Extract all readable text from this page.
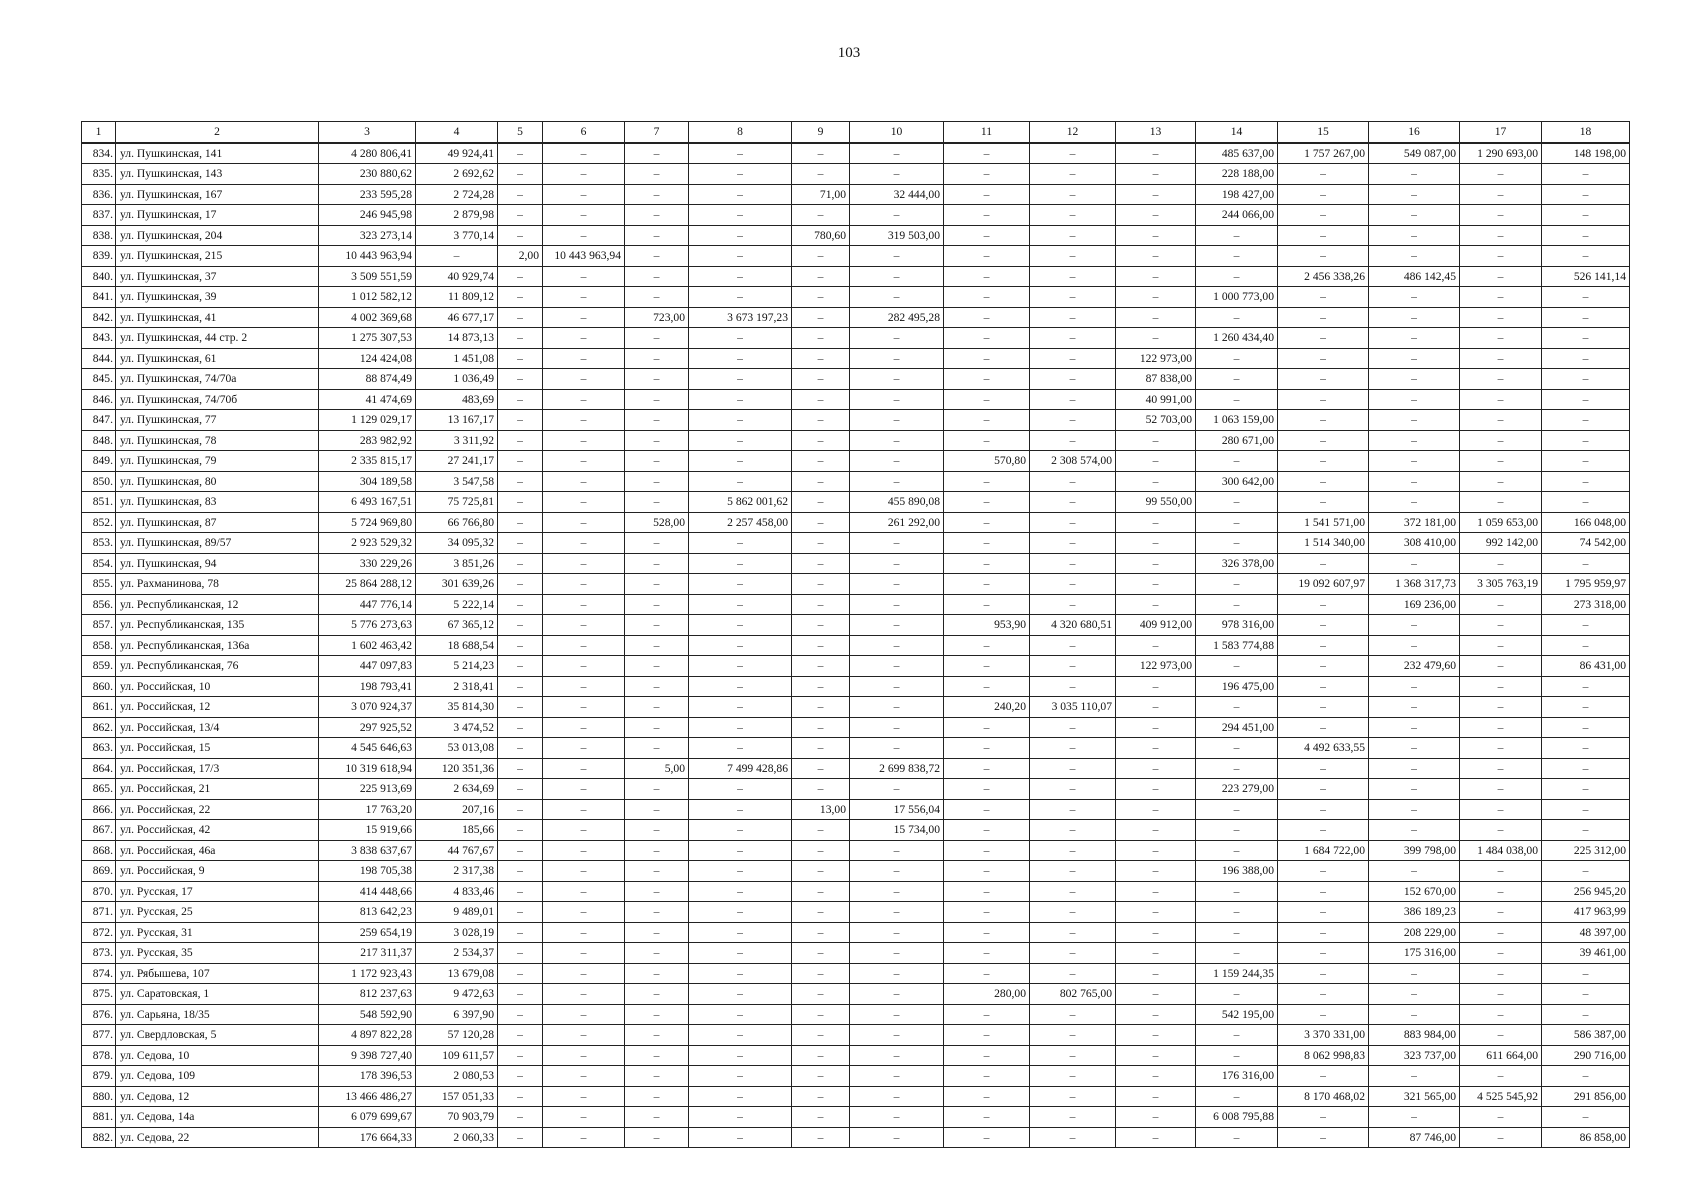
103
1	2	3	4	5	6	7	8	9	10	11	12	13	14	15	16	17	18
834.	ул. Пушкинская, 141	4 280 806,41	49 924,41	–	–	–	–	–	–	–	–	–	485 637,00	1 757 267,00	549 087,00	1 290 693,00	148 198,00
835.	ул. Пушкинская, 143	230 880,62	2 692,62	–	–	–	–	–	–	–	–	–	228 188,00	–	–	–	–
836.	ул. Пушкинская, 167	233 595,28	2 724,28	–	–	–	–	71,00	32 444,00	–	–	–	198 427,00	–	–	–	–
837.	ул. Пушкинская, 17	246 945,98	2 879,98	–	–	–	–	–	–	–	–	–	244 066,00	–	–	–	–
838.	ул. Пушкинская, 204	323 273,14	3 770,14	–	–	–	–	780,60	319 503,00	–	–	–	–	–	–	–	–
839.	ул. Пушкинская, 215	10 443 963,94	–	2,00	10 443 963,94	–	–	–	–	–	–	–	–	–	–	–	–
840.	ул. Пушкинская, 37	3 509 551,59	40 929,74	–	–	–	–	–	–	–	–	–	–	2 456 338,26	486 142,45	–	526 141,14
841.	ул. Пушкинская, 39	1 012 582,12	11 809,12	–	–	–	–	–	–	–	–	–	1 000 773,00	–	–	–	–
842.	ул. Пушкинская, 41	4 002 369,68	46 677,17	–	–	723,00	3 673 197,23	–	282 495,28	–	–	–	–	–	–	–	–
843.	ул. Пушкинская, 44 стр. 2	1 275 307,53	14 873,13	–	–	–	–	–	–	–	–	–	1 260 434,40	–	–	–	–
844.	ул. Пушкинская, 61	124 424,08	1 451,08	–	–	–	–	–	–	–	–	122 973,00	–	–	–	–	–
845.	ул. Пушкинская, 74/70а	88 874,49	1 036,49	–	–	–	–	–	–	–	–	87 838,00	–	–	–	–	–
846.	ул. Пушкинская, 74/70б	41 474,69	483,69	–	–	–	–	–	–	–	–	40 991,00	–	–	–	–	–
847.	ул. Пушкинская, 77	1 129 029,17	13 167,17	–	–	–	–	–	–	–	–	52 703,00	1 063 159,00	–	–	–	–
848.	ул. Пушкинская, 78	283 982,92	3 311,92	–	–	–	–	–	–	–	–	–	280 671,00	–	–	–	–
849.	ул. Пушкинская, 79	2 335 815,17	27 241,17	–	–	–	–	–	–	570,80	2 308 574,00	–	–	–	–	–	–
850.	ул. Пушкинская, 80	304 189,58	3 547,58	–	–	–	–	–	–	–	–	–	300 642,00	–	–	–	–
851.	ул. Пушкинская, 83	6 493 167,51	75 725,81	–	–	–	5 862 001,62	–	455 890,08	–	–	99 550,00	–	–	–	–	–
852.	ул. Пушкинская, 87	5 724 969,80	66 766,80	–	–	528,00	2 257 458,00	–	261 292,00	–	–	–	–	1 541 571,00	372 181,00	1 059 653,00	166 048,00
853.	ул. Пушкинская, 89/57	2 923 529,32	34 095,32	–	–	–	–	–	–	–	–	–	–	1 514 340,00	308 410,00	992 142,00	74 542,00
854.	ул. Пушкинская, 94	330 229,26	3 851,26	–	–	–	–	–	–	–	–	–	326 378,00	–	–	–	–
855.	ул. Рахманинова, 78	25 864 288,12	301 639,26	–	–	–	–	–	–	–	–	–	–	19 092 607,97	1 368 317,73	3 305 763,19	1 795 959,97
856.	ул. Республиканская, 12	447 776,14	5 222,14	–	–	–	–	–	–	–	–	–	–	–	169 236,00	–	273 318,00
857.	ул. Республиканская, 135	5 776 273,63	67 365,12	–	–	–	–	–	–	953,90	4 320 680,51	409 912,00	978 316,00	–	–	–	–
858.	ул. Республиканская, 136а	1 602 463,42	18 688,54	–	–	–	–	–	–	–	–	–	1 583 774,88	–	–	–	–
859.	ул. Республиканская, 76	447 097,83	5 214,23	–	–	–	–	–	–	–	–	122 973,00	–	–	232 479,60	–	86 431,00
860.	ул. Российская, 10	198 793,41	2 318,41	–	–	–	–	–	–	–	–	–	196 475,00	–	–	–	–
861.	ул. Российская, 12	3 070 924,37	35 814,30	–	–	–	–	–	–	240,20	3 035 110,07	–	–	–	–	–	–
862.	ул. Российская, 13/4	297 925,52	3 474,52	–	–	–	–	–	–	–	–	–	294 451,00	–	–	–	–
863.	ул. Российская, 15	4 545 646,63	53 013,08	–	–	–	–	–	–	–	–	–	–	4 492 633,55	–	–	–
864.	ул. Российская, 17/3	10 319 618,94	120 351,36	–	–	5,00	7 499 428,86	–	2 699 838,72	–	–	–	–	–	–	–	–
865.	ул. Российская, 21	225 913,69	2 634,69	–	–	–	–	–	–	–	–	–	223 279,00	–	–	–	–
866.	ул. Российская, 22	17 763,20	207,16	–	–	–	–	13,00	17 556,04	–	–	–	–	–	–	–	–
867.	ул. Российская, 42	15 919,66	185,66	–	–	–	–	–	15 734,00	–	–	–	–	–	–	–	–
868.	ул. Российская, 46а	3 838 637,67	44 767,67	–	–	–	–	–	–	–	–	–	–	1 684 722,00	399 798,00	1 484 038,00	225 312,00
869.	ул. Российская, 9	198 705,38	2 317,38	–	–	–	–	–	–	–	–	–	196 388,00	–	–	–	–
870.	ул. Русская, 17	414 448,66	4 833,46	–	–	–	–	–	–	–	–	–	–	–	152 670,00	–	256 945,20
871.	ул. Русская, 25	813 642,23	9 489,01	–	–	–	–	–	–	–	–	–	–	–	386 189,23	–	417 963,99
872.	ул. Русская, 31	259 654,19	3 028,19	–	–	–	–	–	–	–	–	–	–	–	208 229,00	–	48 397,00
873.	ул. Русская, 35	217 311,37	2 534,37	–	–	–	–	–	–	–	–	–	–	–	175 316,00	–	39 461,00
874.	ул. Рябышева, 107	1 172 923,43	13 679,08	–	–	–	–	–	–	–	–	–	1 159 244,35	–	–	–	–
875.	ул. Саратовская, 1	812 237,63	9 472,63	–	–	–	–	–	–	280,00	802 765,00	–	–	–	–	–	–
876.	ул. Сарьяна, 18/35	548 592,90	6 397,90	–	–	–	–	–	–	–	–	–	542 195,00	–	–	–	–
877.	ул. Свердловская, 5	4 897 822,28	57 120,28	–	–	–	–	–	–	–	–	–	–	3 370 331,00	883 984,00	–	586 387,00
878.	ул. Седова, 10	9 398 727,40	109 611,57	–	–	–	–	–	–	–	–	–	–	8 062 998,83	323 737,00	611 664,00	290 716,00
879.	ул. Седова, 109	178 396,53	2 080,53	–	–	–	–	–	–	–	–	–	176 316,00	–	–	–	–
880.	ул. Седова, 12	13 466 486,27	157 051,33	–	–	–	–	–	–	–	–	–	–	8 170 468,02	321 565,00	4 525 545,92	291 856,00
881.	ул. Седова, 14а	6 079 699,67	70 903,79	–	–	–	–	–	–	–	–	–	6 008 795,88	–	–	–	–
882.	ул. Седова, 22	176 664,33	2 060,33	–	–	–	–	–	–	–	–	–	–	–	87 746,00	–	86 858,00
